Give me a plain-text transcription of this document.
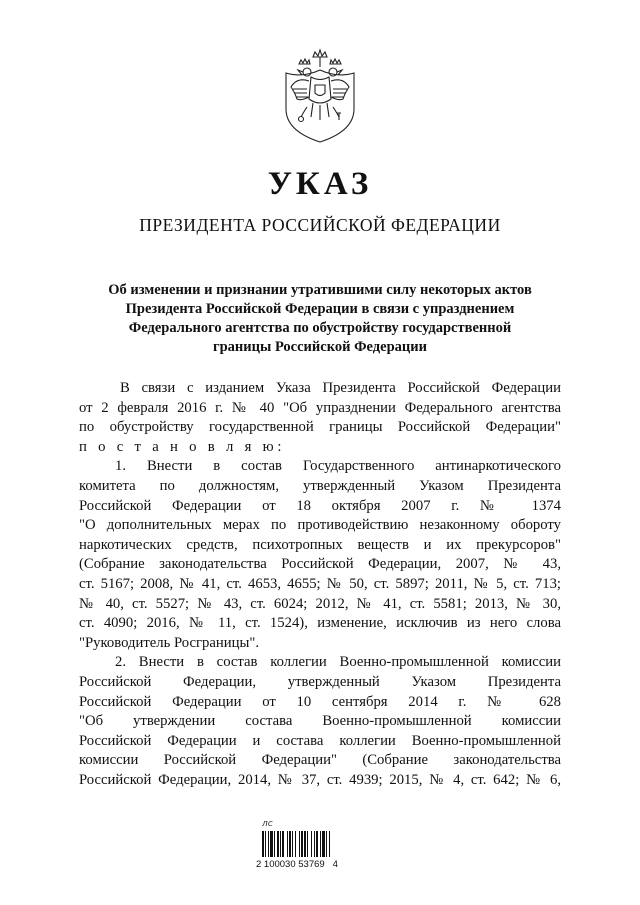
УКАЗ
ПРЕЗИДЕНТА РОССИЙСКОЙ ФЕДЕРАЦИИ
Об изменении и признании утратившими силу некоторых актов
Президента Российской Федерации в связи с упразднением
Федерального агентства по обустройству государственной
границы Российской Федерации
В связи с изданием Указа Президента Российской Федерации
от 2 февраля 2016 г. № 40 "Об упразднении Федерального агентства
по обустройству государственной границы Российской Федерации"
п о с т а н о в л я ю:
1. Внести в состав Государственного антинаркотического
комитета по должностям, утвержденный Указом Президента
Российской Федерации от 18 октября 2007 г. № 1374
"О дополнительных мерах по противодействию незаконному обороту
наркотических средств, психотропных веществ и их прекурсоров"
(Собрание законодательства Российской Федерации, 2007, № 43,
ст. 5167; 2008, № 41, ст. 4653, 4655; № 50, ст. 5897; 2011, № 5, ст. 713;
№ 40, ст. 5527; № 43, ст. 6024; 2012, № 41, ст. 5581; 2013, № 30,
ст. 4090; 2016, № 11, ст. 1524), изменение, исключив из него слова
"Руководитель Росграницы".
2. Внести в состав коллегии Военно-промышленной комиссии
Российской Федерации, утвержденный Указом Президента
Российской Федерации от 10 сентября 2014 г. № 628
"Об утверждении состава Военно-промышленной комиссии
Российской Федерации и состава коллегии Военно-промышленной
комиссии Российской Федерации" (Собрание законодательства
Российской Федерации, 2014, № 37, ст. 4939; 2015, № 4, ст. 642; № 6,
лс
2 100030 53769   4
